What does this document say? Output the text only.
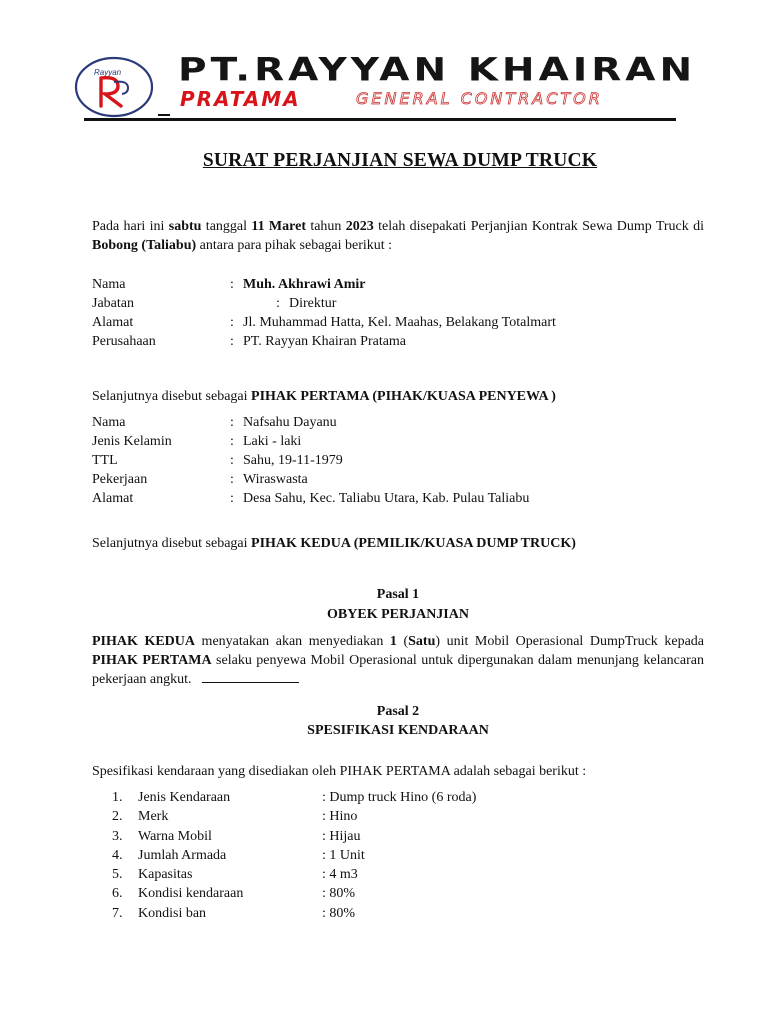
Rayyan PT.RAYYAN KHAIRAN
PRATAMA	GENERAL CONTRACTOR
SURAT PERJANJIAN SEWA DUMP TRUCK
Pada hari ini sabtu tanggal 11 Maret tahun 2023 telah disepakati Perjanjian Kontrak Sewa Dump Truck di Bobong (Taliabu) antara para pihak sebagai berikut :
Nama	: Muh. Akhrawi Amir
Jabatan	: Direktur
Alamat	: Jl. Muhammad Hatta, Kel. Maahas, Belakang Totalmart
Perusahaan	: PT. Rayyan Khairan Pratama
Selanjutnya disebut sebagai PIHAK PERTAMA (PIHAK/KUASA PENYEWA )
Nama	: Nafsahu Dayanu
Jenis Kelamin	: Laki - laki
TTL	: Sahu, 19-11-1979
Pekerjaan	: Wiraswasta
Alamat	: Desa Sahu, Kec. Taliabu Utara, Kab. Pulau Taliabu
Selanjutnya disebut sebagai PIHAK KEDUA (PEMILIK/KUASA DUMP TRUCK)
Pasal 1
OBYEK PERJANJIAN
PIHAK KEDUA menyatakan akan menyediakan 1 (Satu) unit Mobil Operasional DumpTruck kepada PIHAK PERTAMA selaku penyewa Mobil Operasional untuk dipergunakan dalam menunjang kelancaran pekerjaan angkut.
Pasal 2
SPESIFIKASI KENDARAAN
Spesifikasi kendaraan yang disediakan oleh PIHAK PERTAMA adalah sebagai berikut :
1. Jenis Kendaraan	: Dump truck Hino (6 roda)
2. Merk	: Hino
3. Warna Mobil	: Hijau
4. Jumlah Armada	: 1 Unit
5. Kapasitas	: 4 m3
6. Kondisi kendaraan	: 80%
7. Kondisi ban	: 80%
